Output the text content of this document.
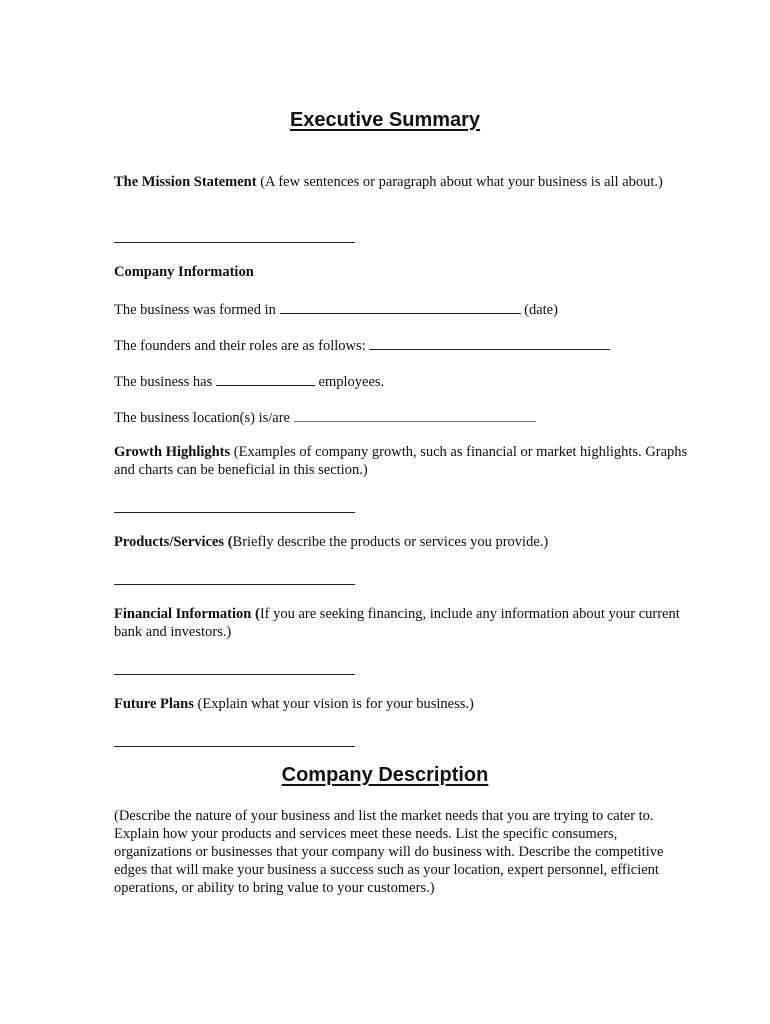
Executive Summary
The Mission Statement (A few sentences or paragraph about what your business is all about.)
Company Information
The business was formed in	(date)
The founders and their roles are as follows:
The business has	employees.
The business location(s) is/are
Growth Highlights (Examples of company growth, such as financial or market highlights. Graphs and charts can be beneficial in this section.)
Products/Services (Briefly describe the products or services you provide.)
Financial Information (If you are seeking financing, include any information about your current bank and investors.)
Future Plans (Explain what your vision is for your business.)
Company Description
(Describe the nature of your business and list the market needs that you are trying to cater to. Explain how your products and services meet these needs. List the specific consumers, organizations or businesses that your company will do business with. Describe the competitive edges that will make your business a success such as your location, expert personnel, efficient operations, or ability to bring value to your customers.)
